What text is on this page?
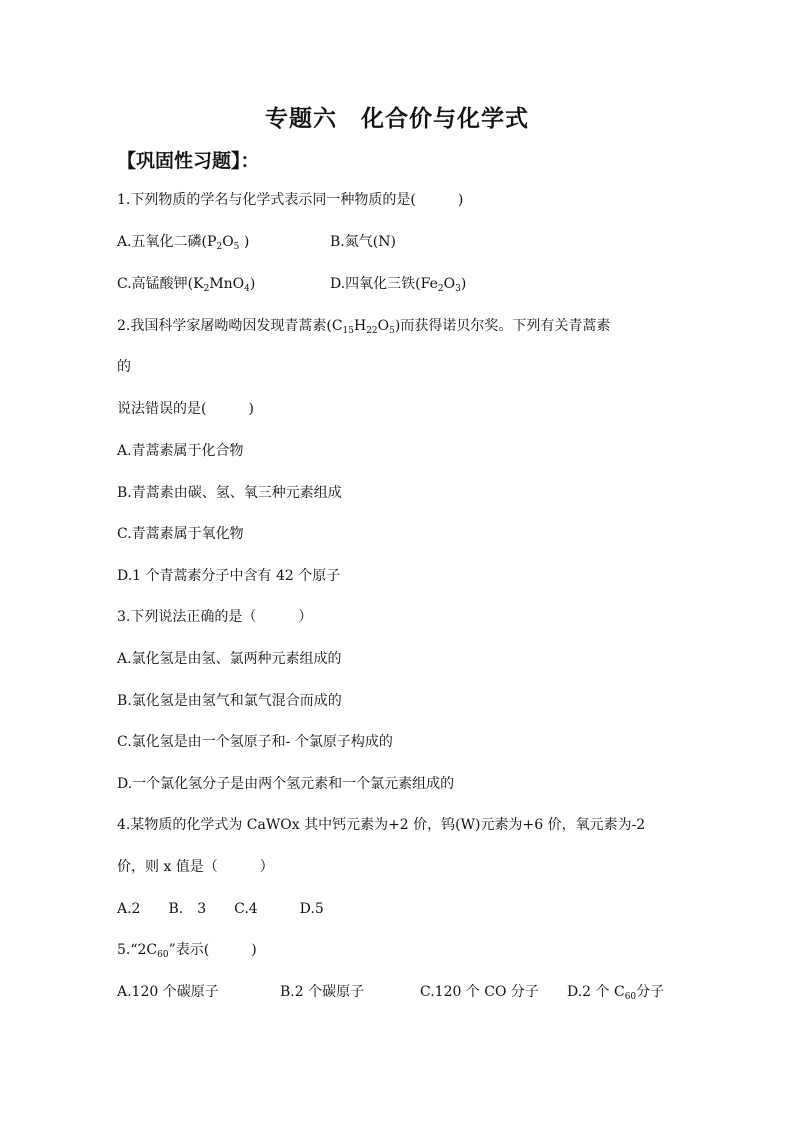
专题六　化合价与化学式
【巩固性习题】：
1.下列物质的学名与化学式表示同一种物质的是(　　　)
A.五氧化二磷($P_2O_5$ )	B.氮气(N)
C.高锰酸钾$(K_2MnO_4)$	D.四氧化三铁$(Fe_2O_3)$
2.我国科学家屠呦呦因发现青蒿素$(C_{15}H_{22}O_5)$而获得诺贝尔奖。下列有关青蒿素
的
说法错误的是(　　　)
A.青蒿素属于化合物
B.青蒿素由碳、氢、氧三种元素组成
C.青蒿素属于氧化物
D.1 个青蒿素分子中含有 42 个原子
3.下列说法正确的是（　　　）
A.氯化氢是由氢、氯两种元素组成的
B.氯化氢是由氢气和氯气混合而成的
C.氯化氢是由一个氢原子和- 个氯原子构成的
D.一个氯化氢分子是由两个氢元素和一个氯元素组成的
4.某物质的化学式为 CaWOx 其中钙元素为+2 价，钨(W)元素为+6 价，氧元素为-2
价，则 x 值是（　　　）
A.2　　B.　3　　C.4　　　D.5
$5.“2C_{60}$”表示(　　　)
A.120 个碳原子	B.2 个碳原子	C.120 个 CO 分子 D.2 个 $C_{60}$分子
